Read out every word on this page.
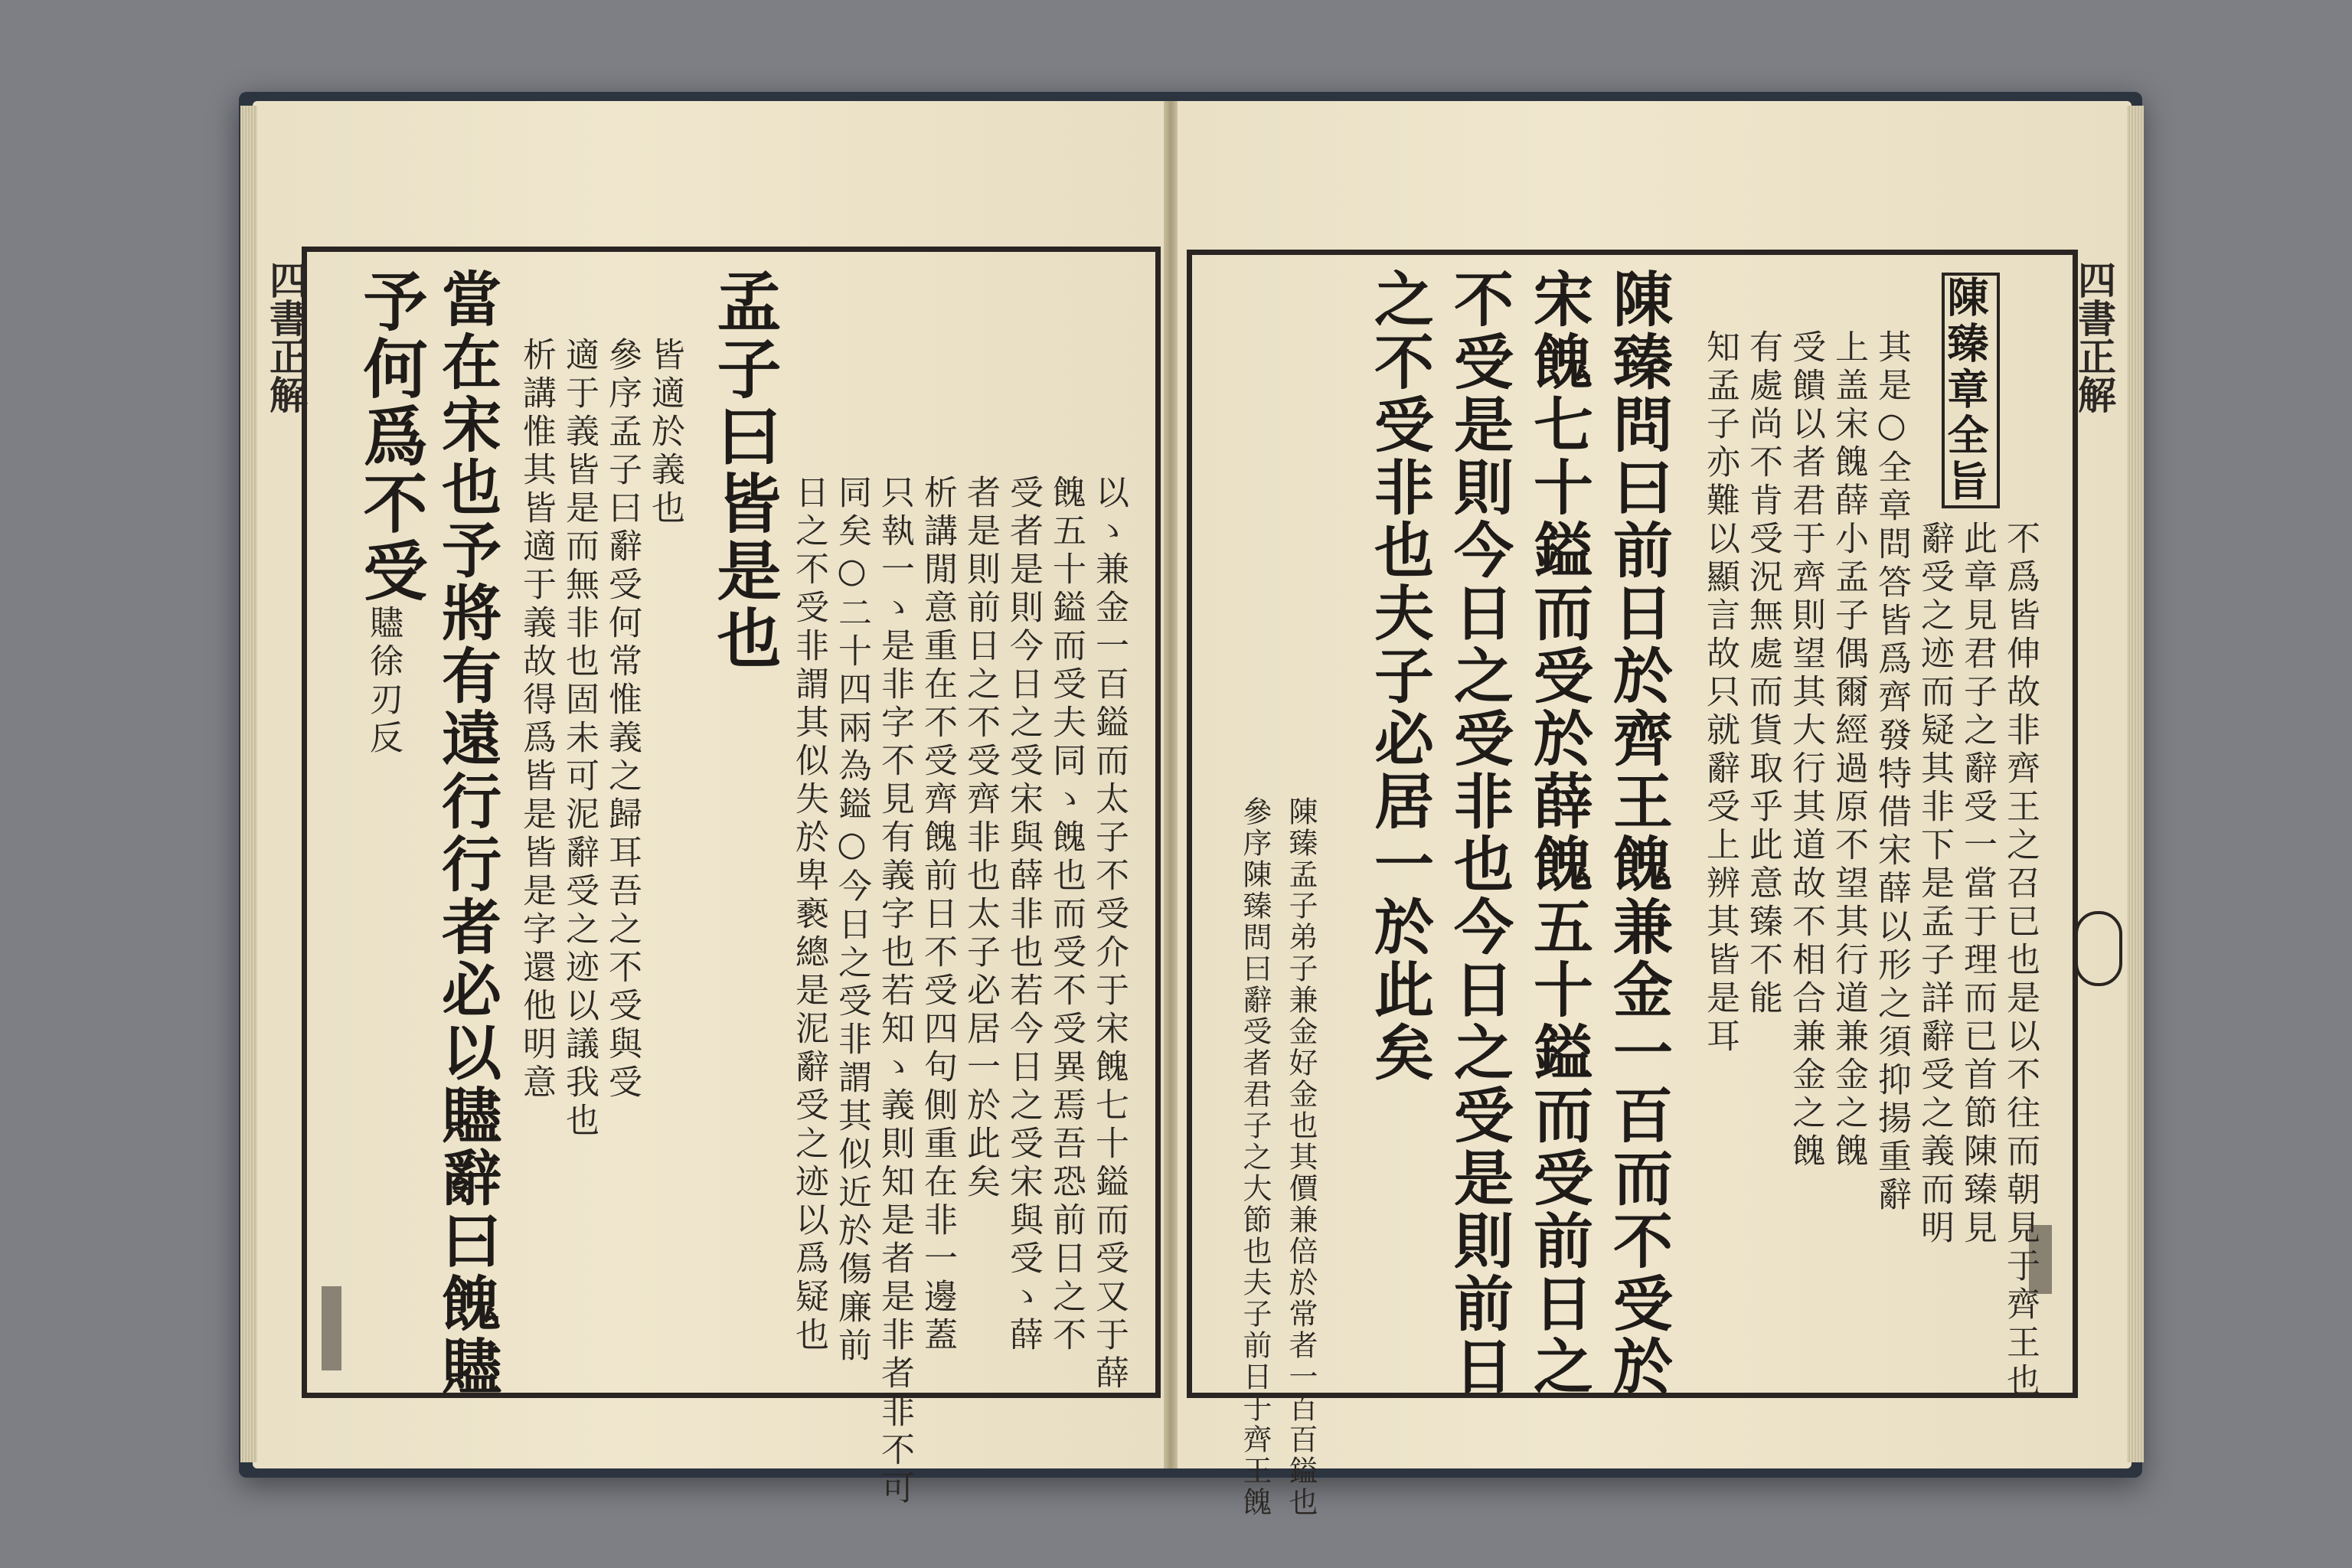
四書正解
以ゝ兼金一百鎰而太子不受介于宋餽七十鎰而受又于薛
餽五十鎰而受夫同ゝ餽也而受不受異焉吾恐前日之不
受者是則今日之受宋與薛非也若今日之受宋與受ゝ薛
者是則前日之不受齊非也太子必居一於此矣
析講閒意重在不受齊餽前日不受四句側重在非一邊蓋
只執一ゝ是非字不見有義字也若知ゝ義則知是者是非者非不可
同矣○二十四兩為鎰○今日之受非謂其似近於傷廉前
日之不受非謂其似失於卑褻總是泥辭受之迹以爲疑也
孟子曰皆是也
皆適於義也
參序孟子曰辭受何常惟義之歸耳吾之不受與受
適于義皆是而無非也固未可泥辭受之迹以議我也
析講惟其皆適于義故得爲皆是皆是字還他明意
當在宋也予將有遠行行者必以贐辭曰餽贐
予何爲不受
贐徐刃反
四書正解
陳臻章全旨
不爲皆伸故非齊王之召已也是以不往而朝見于齊王也
此章見君子之辭受一當于理而已首節陳臻見
辭受之迹而疑其非下是孟子詳辭受之義而明
其是○全章問答皆爲齊發特借宋薛以形之須抑揚重辭
上盖宋餽薛小孟子偶爾經過原不望其行道兼金之餽
受饋以者君于齊則望其大行其道故不相合兼金之餽
有處尚不肯受況無處而貨取乎此意臻不能
知孟子亦難以顯言故只就辭受上辨其皆是耳
陳臻問曰前日於齊王餽兼金一百而不受於
宋餽七十鎰而受於薛餽五十鎰而受前日之
不受是則今日之受非也今日之受是則前日
之不受非也夫子必居一於此矣
陳臻孟子弟子兼金好金也其價兼倍於常者一百百鎰也
參序陳臻問曰辭受者君子之大節也夫子前日于齊王餽
